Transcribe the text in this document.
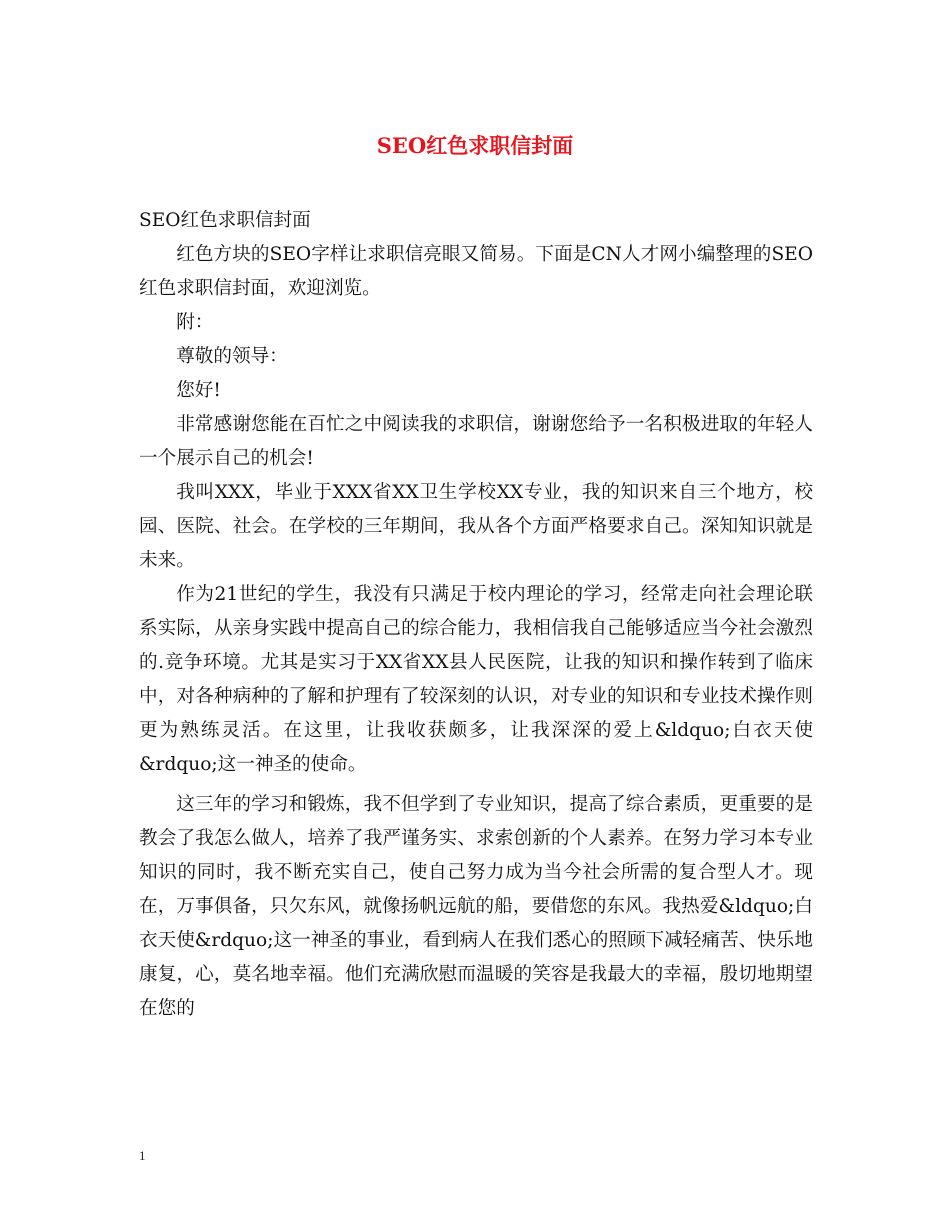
SEO红色求职信封面

SEO红色求职信封面

红色方块的SEO字样让求职信亮眼又简易。下面是CN人才网小编整理的SEO红色求职信封面，欢迎浏览。

附：

尊敬的领导：

您好!

非常感谢您能在百忙之中阅读我的求职信，谢谢您给予一名积极进取的年轻人一个展示自己的机会!

我叫XXX，毕业于XXX省XX卫生学校XX专业，我的知识来自三个地方，校园、医院、社会。在学校的三年期间，我从各个方面严格要求自己。深知知识就是未来。

作为21世纪的学生，我没有只满足于校内理论的学习，经常走向社会理论联系实际，从亲身实践中提高自己的综合能力，我相信我自己能够适应当今社会激烈的.竞争环境。尤其是实习于XX省XX县人民医院，让我的知识和操作转到了临床中，对各种病种的了解和护理有了较深刻的认识，对专业的知识和专业技术操作则更为熟练灵活。在这里，让我收获颇多，让我深深的爱上&ldquo;白衣天使&rdquo;这一神圣的使命。

这三年的学习和锻炼，我不但学到了专业知识，提高了综合素质，更重要的是教会了我怎么做人，培养了我严谨务实、求索创新的个人素养。在努力学习本专业知识的同时，我不断充实自己，使自己努力成为当今社会所需的复合型人才。现在，万事俱备，只欠东风，就像扬帆远航的船，要借您的东风。我热爱&ldquo;白衣天使&rdquo;这一神圣的事业，看到病人在我们悉心的照顾下减轻痛苦、快乐地康复，心，莫名地幸福。他们充满欣慰而温暖的笑容是我最大的幸福，殷切地期望在您的

1
